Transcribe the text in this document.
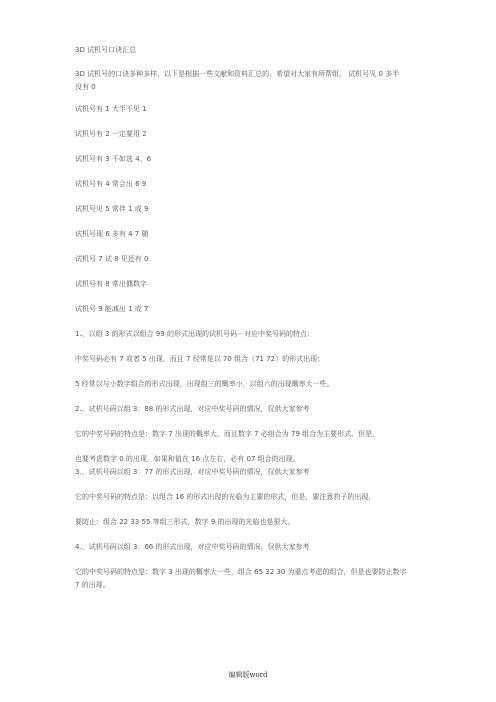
3D 试机号口诀汇总
3D 试机号的口诀多种多样，以下是根据一些文献和资料汇总的，希望对大家有所帮组。 试机号见 0 多半
没有 0
试机号有 1 大半不见 1
试机号有 2 一定要用 2
试机号有 3 不如选 4、6
试机号有 4 常会出 6 9
试机号见 5 常伴 1 或 9
试机号现 6 多有 4 7 随
试机号 7 试 8 见还有 0
试机号有 8 常出偶数字
试机号 9 能减出 1 或 7
1.、以组 3 的形式以组合 99 的形式出现的试机号码－对应中奖号码的特点：
中奖号码必有 7 或者 5 出现，而且 7 经常是以 70 组合（71 72）的形式出现；
5 经常以与小数字组合的形式出现，出现组三的概率小，以组六的出现概率大一些。
2.、试机号码以组 3：88 的形式出现，对应中奖号码的情况，仅供大家参考
它的中奖号码的特点是：数字 7 出现的概率大，而且数字 7 必组合为 79 组合为主要形式，但是，
也要考虑数字 0 的出现，如果和值在 16 点左右，必有 07 组合的出现。
3.、试机号码以组 3：77 的形式出现，对应中奖号码的情况，仅供大家参考
它的中奖号码的特点是：以组合 16 的形式出现的光临为主要的形式，但是，要注意豹子的出现，
要防止：组合 22 33 55 等组三形式，数字 9 的出现的光临也是很大。
4.、试机号码以组 3：66 的形式出现，对应中奖号码的情况，仅供大家参考
它的中奖号码的特点是：数字 3 出现的概率大一些，组合 65 32 30 为重点考虑的组合，但是也要防止数字
7 的出现。
编辑版word
